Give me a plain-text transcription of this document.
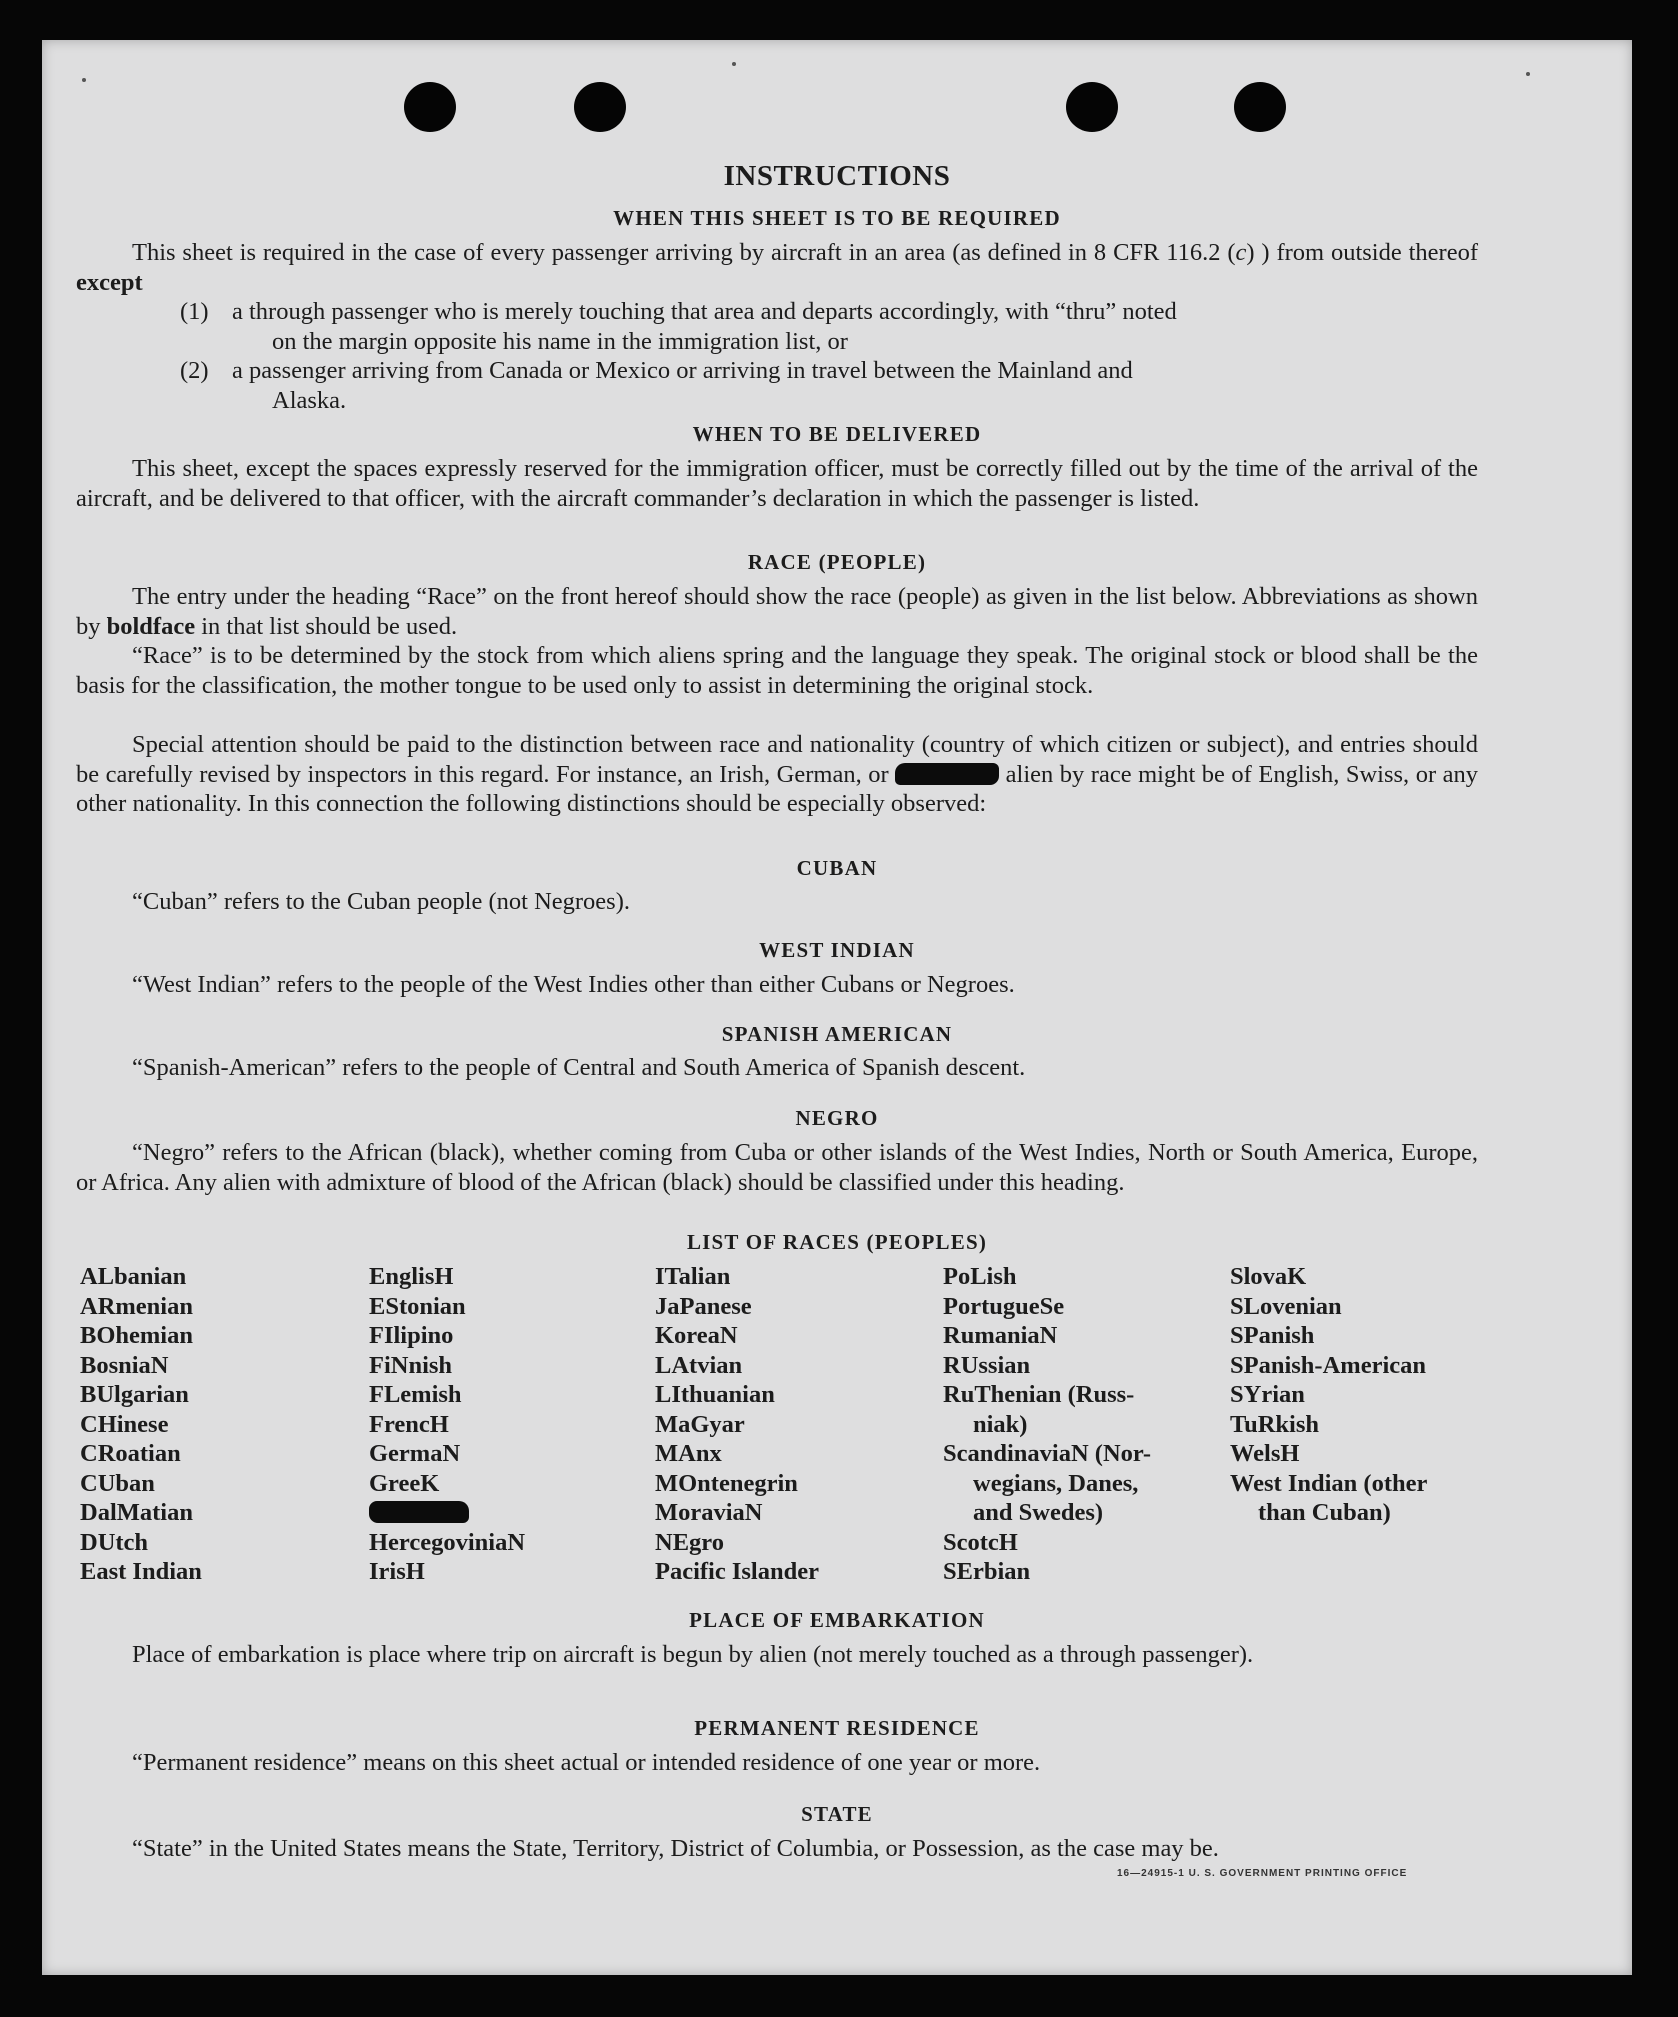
INSTRUCTIONS
WHEN THIS SHEET IS TO BE REQUIRED

This sheet is required in the case of every passenger arriving by aircraft in an area (as defined in 8 CFR 116.2 (c) ) from outside thereof except

(1) a through passenger who is merely touching that area and departs accordingly, with “thru” noted
on the margin opposite his name in the immigration list, or
(2) a passenger arriving from Canada or Mexico or arriving in travel between the Mainland and
Alaska.
WHEN TO BE DELIVERED

This sheet, except the spaces expressly reserved for the immigration officer, must be correctly filled out by the time of the arrival of the aircraft, and be delivered to that officer, with the aircraft commander’s declaration in which the passenger is listed.

RACE (PEOPLE)

The entry under the heading “Race” on the front hereof should show the race (people) as given in the list below. Abbreviations as shown by boldface in that list should be used.

“Race” is to be determined by the stock from which aliens spring and the language they speak. The original stock or blood shall be the basis for the classification, the mother tongue to be used only to assist in determining the original stock.

Special attention should be paid to the distinction between race and nationality (country of which citizen or subject), and entries should be carefully revised by inspectors in this regard. For instance, an Irish, German, or	alien by race might be of English, Swiss, or any other nationality. In this connection the following distinctions should be especially observed:

CUBAN

“Cuban” refers to the Cuban people (not Negroes).

WEST INDIAN

“West Indian” refers to the people of the West Indies other than either Cubans or Negroes.

SPANISH AMERICAN

“Spanish-American” refers to the people of Central and South America of Spanish descent.

NEGRO

“Negro” refers to the African (black), whether coming from Cuba or other islands of the West Indies, North or South America, Europe, or Africa. Any alien with admixture of blood of the African (black) should be classified under this heading.

LIST OF RACES (PEOPLES)
ALbanian
ARmenian
BOhemian
BosniaN
BUlgarian
CHinese
CRoatian
CUban
DalMatian
DUtch
East Indian
EnglisH
EStonian
FIlipino
FiNnish
FLemish
FrencH
GermaN
GreeK
HercegoviniaN
IrisH
ITalian
JaPanese
KoreaN
LAtvian
LIthuanian
MaGyar
MAnx
MOntenegrin
MoraviaN
NEgro
Pacific Islander
PoLish
PortugueSe
RumaniaN
RUssian
RuThenian (Russ-
niak)
ScandinaviaN (Nor-
wegians, Danes,
and Swedes)
ScotcH
SErbian
SlovaK
SLovenian
SPanish
SPanish-American
SYrian
TuRkish
WelsH
West Indian (other
than Cuban)
PLACE OF EMBARKATION

Place of embarkation is place where trip on aircraft is begun by alien (not merely touched as a through passenger).

PERMANENT RESIDENCE

“Permanent residence” means on this sheet actual or intended residence of one year or more.

STATE

“State” in the United States means the State, Territory, District of Columbia, or Possession, as the case may be.

16—24915-1 U. S. GOVERNMENT PRINTING OFFICE
